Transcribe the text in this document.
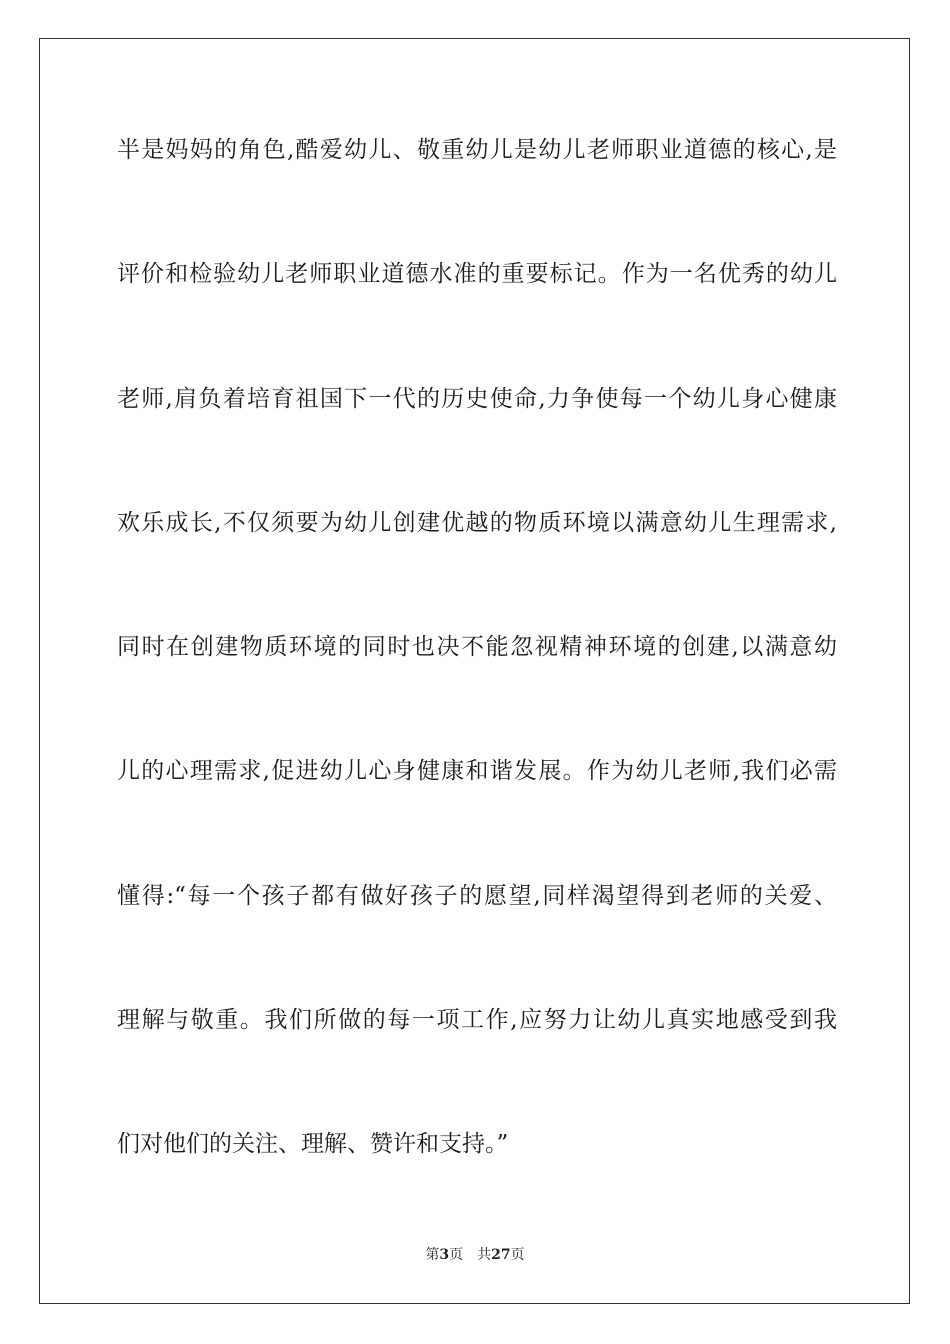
半是妈妈的角色,酷爱幼儿、敬重幼儿是幼儿老师职业道德的核心,是
评价和检验幼儿老师职业道德水准的重要标记。作为一名优秀的幼儿
老师,肩负着培育祖国下一代的历史使命,力争使每一个幼儿身心健康
欢乐成长,不仅须要为幼儿创建优越的物质环境以满意幼儿生理需求,
同时在创建物质环境的同时也决不能忽视精神环境的创建,以满意幼
儿的心理需求,促进幼儿心身健康和谐发展。作为幼儿老师,我们必需
懂得:“每一个孩子都有做好孩子的愿望,同样渴望得到老师的关爱、
理解与敬重。我们所做的每一项工作,应努力让幼儿真实地感受到我
们对他们的关注、理解、赞许和支持。”
第3页 共27页
